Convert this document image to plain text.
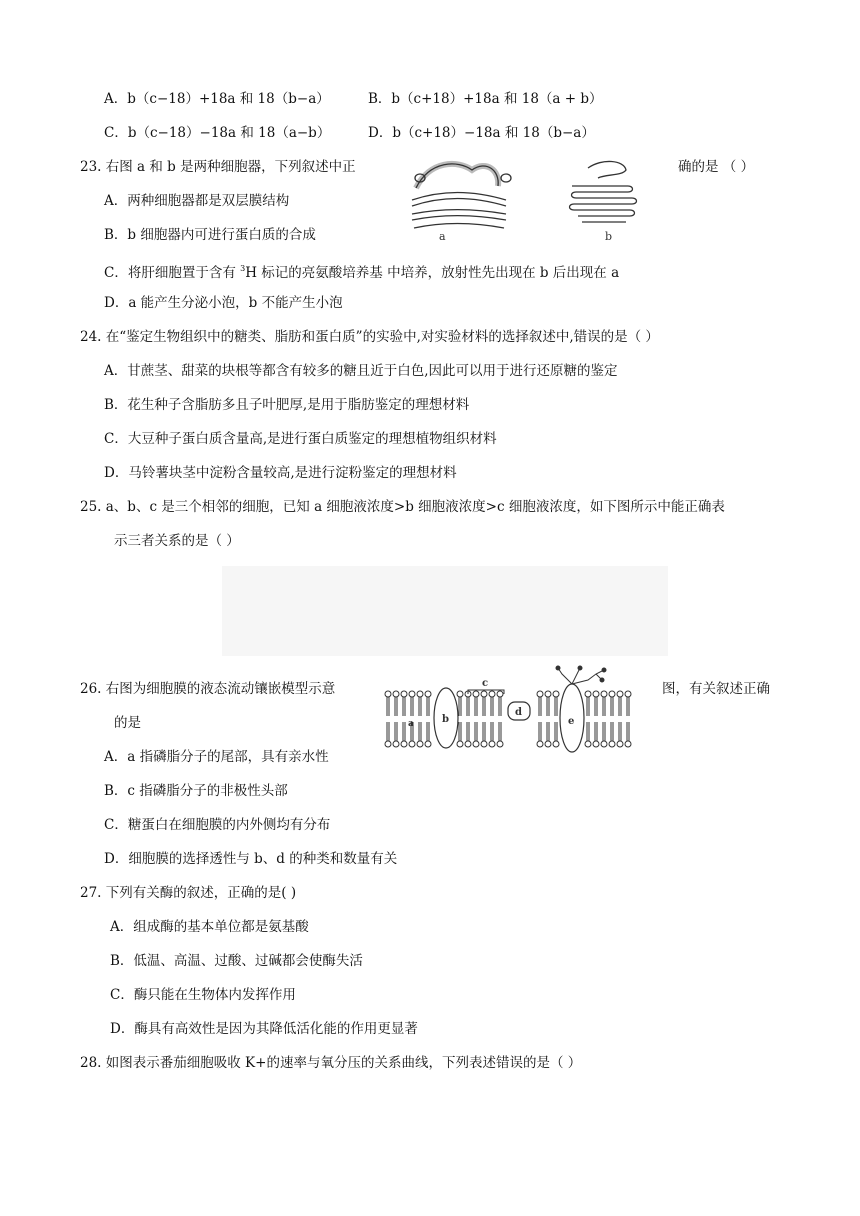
A．b（c−18）+18a 和 18（b−a）	B．b（c+18）+18a 和 18（a + b）
C．b（c−18）−18a 和 18（a−b）	D．b（c+18）−18a 和 18（b−a）
23. 右图 a 和 b 是两种细胞器，下列叙述中正	确的是 （ ）
a	b
A．两种细胞器都是双层膜结构
B．b 细胞器内可进行蛋白质的合成
C．将肝细胞置于含有 $^3$H 标记的亮氨酸培养基 中培养，放射性先出现在 b 后出现在 a
D．a 能产生分泌小泡，b 不能产生小泡
24. 在“鉴定生物组织中的糖类、脂肪和蛋白质”的实验中,对实验材料的选择叙述中,错误的是（ ）
A．甘蔗茎、甜菜的块根等都含有较多的糖且近于白色,因此可以用于进行还原糖的鉴定
B．花生种子含脂肪多且子叶肥厚,是用于脂肪鉴定的理想材料
C．大豆种子蛋白质含量高,是进行蛋白质鉴定的理想植物组织材料
D．马铃薯块茎中淀粉含量较高,是进行淀粉鉴定的理想材料
25. a、b、c 是三个相邻的细胞，已知 a 细胞液浓度>b 细胞液浓度>c 细胞液浓度，如下图所示中能正确表
示三者关系的是（ ）
26. 右图为细胞膜的液态流动镶嵌模型示意	图，有关叙述正确
的是
c
a	b
d
e
A．a 指磷脂分子的尾部，具有亲水性
B．c 指磷脂分子的非极性头部
C．糖蛋白在细胞膜的内外侧均有分布
D．细胞膜的选择透性与 b、d 的种类和数量有关
27. 下列有关酶的叙述，正确的是( )
A．组成酶的基本单位都是氨基酸
B．低温、高温、过酸、过碱都会使酶失活
C．酶只能在生物体内发挥作用
D．酶具有高效性是因为其降低活化能的作用更显著
28. 如图表示番茄细胞吸收 K+的速率与氧分压的关系曲线，下列表述错误的是（ ）
